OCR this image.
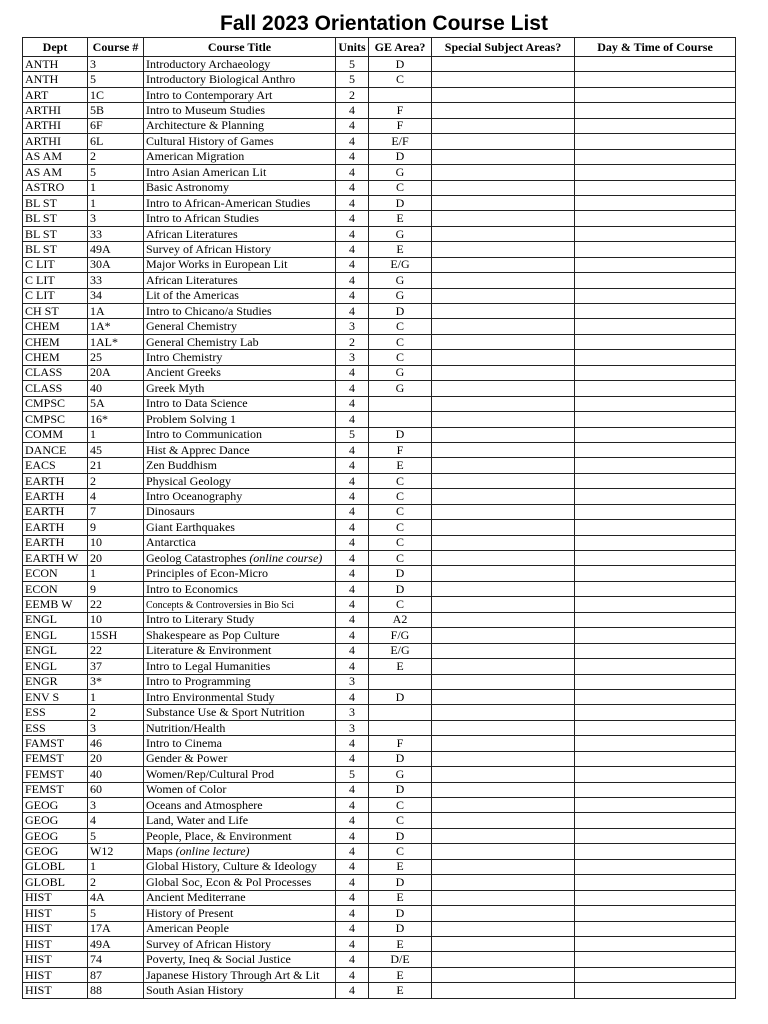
Fall 2023 Orientation Course List
Dept	Course #	Course Title	Units	GE Area?	Special Subject Areas?	Day & Time of Course
ANTH	3	Introductory Archaeology	5	D		
ANTH	5	Introductory Biological Anthro	5	C		
ART	1C	Intro to Contemporary Art	2			
ARTHI	5B	Intro to Museum Studies	4	F		
ARTHI	6F	Architecture & Planning	4	F		
ARTHI	6L	Cultural History of Games	4	E/F		
AS AM	2	American Migration	4	D		
AS AM	5	Intro Asian American Lit	4	G		
ASTRO	1	Basic Astronomy	4	C		
BL ST	1	Intro to African-American Studies	4	D		
BL ST	3	Intro to African Studies	4	E		
BL ST	33	African Literatures	4	G		
BL ST	49A	Survey of African History	4	E		
C LIT	30A	Major Works in European Lit	4	E/G		
C LIT	33	African Literatures	4	G		
C LIT	34	Lit of the Americas	4	G		
CH ST	1A	Intro to Chicano/a Studies	4	D		
CHEM	1A*	General Chemistry	3	C		
CHEM	1AL*	General Chemistry Lab	2	C		
CHEM	25	Intro Chemistry	3	C		
CLASS	20A	Ancient Greeks	4	G		
CLASS	40	Greek Myth	4	G		
CMPSC	5A	Intro to Data Science	4			
CMPSC	16*	Problem Solving 1	4			
COMM	1	Intro to Communication	5	D		
DANCE	45	Hist & Apprec Dance	4	F		
EACS	21	Zen Buddhism	4	E		
EARTH	2	Physical Geology	4	C		
EARTH	4	Intro Oceanography	4	C		
EARTH	7	Dinosaurs	4	C		
EARTH	9	Giant Earthquakes	4	C		
EARTH	10	Antarctica	4	C		
EARTH W	20	Geolog Catastrophes (online course)	4	C		
ECON	1	Principles of Econ-Micro	4	D		
ECON	9	Intro to Economics	4	D		
EEMB W	22	Concepts & Controversies in Bio Sci	4	C		
ENGL	10	Intro to Literary Study	4	A2		
ENGL	15SH	Shakespeare as Pop Culture	4	F/G		
ENGL	22	Literature & Environment	4	E/G		
ENGL	37	Intro to Legal Humanities	4	E		
ENGR	3*	Intro to Programming	3			
ENV S	1	Intro Environmental Study	4	D		
ESS	2	Substance Use & Sport Nutrition	3			
ESS	3	Nutrition/Health	3			
FAMST	46	Intro to Cinema	4	F		
FEMST	20	Gender & Power	4	D		
FEMST	40	Women/Rep/Cultural Prod	5	G		
FEMST	60	Women of Color	4	D		
GEOG	3	Oceans and Atmosphere	4	C		
GEOG	4	Land, Water and Life	4	C		
GEOG	5	People, Place, & Environment	4	D		
GEOG	W12	Maps (online lecture)	4	C		
GLOBL	1	Global History, Culture & Ideology	4	E		
GLOBL	2	Global Soc, Econ & Pol Processes	4	D		
HIST	4A	Ancient Mediterrane	4	E		
HIST	5	History of Present	4	D		
HIST	17A	American People	4	D		
HIST	49A	Survey of African History	4	E		
HIST	74	Poverty, Ineq & Social Justice	4	D/E		
HIST	87	Japanese History Through Art & Lit	4	E		
HIST	88	South Asian History	4	E		
